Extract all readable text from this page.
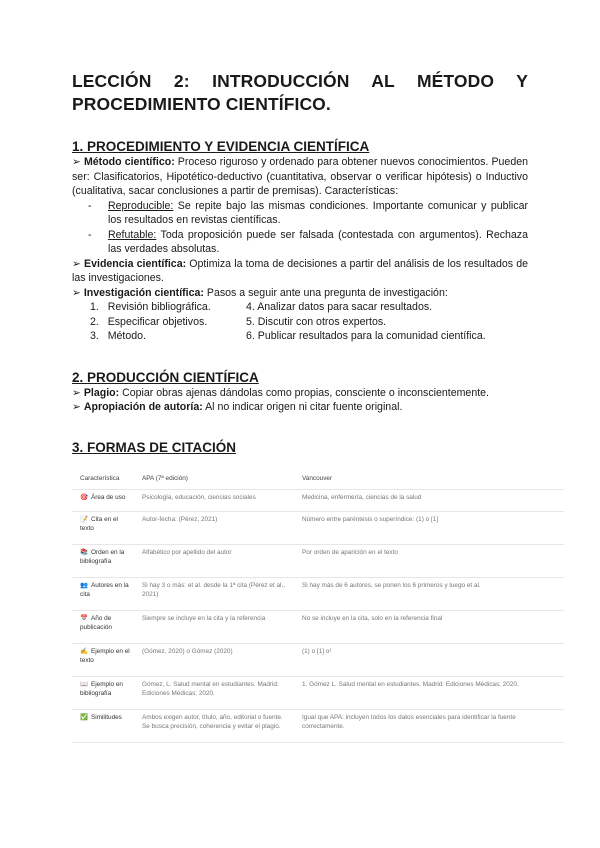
LECCIÓN 2: INTRODUCCIÓN AL MÉTODO Y
PROCEDIMIENTO CIENTÍFICO.
1. PROCEDIMIENTO Y EVIDENCIA CIENTÍFICA
➢ Método científico: Proceso riguroso y ordenado para obtener nuevos conocimientos. Pueden ser: Clasificatorios, Hipotético-deductivo (cuantitativa, observar o verificar hipótesis) o Inductivo (cualitativa, sacar conclusiones a partir de premisas). Características:
-	Reproducible: Se repite bajo las mismas condiciones. Importante comunicar y publicar los resultados en revistas científicas.
-	Refutable: Toda proposición puede ser falsada (contestada con argumentos). Rechaza las verdades absolutas.
➢ Evidencia científica: Optimiza la toma de decisiones a partir del análisis de los resultados de las investigaciones.
➢ Investigación científica: Pasos a seguir ante una pregunta de investigación:
1. Revisión bibliográfica.	4. Analizar datos para sacar resultados.
2. Especificar objetivos.	5. Discutir con otros expertos.
3. Método.	6. Publicar resultados para la comunidad científica.
2. PRODUCCIÓN CIENTÍFICA
➢ Plagio: Copiar obras ajenas dándolas como propias, consciente o inconscientemente.
➢ Apropiación de autoría: Al no indicar origen ni citar fuente original.
3. FORMAS DE CITACIÓN
Característica	APA (7ª edición)	Vancouver
🎯 Área de uso	Psicología, educación, ciencias sociales	Medicina, enfermería, ciencias de la salud
📝 Cita en el texto	Autor-fecha: (Pérez, 2021)	Número entre paréntesis o superíndice: (1) o [1]
📚 Orden en la bibliografía	Alfabético por apellido del autor	Por orden de aparición en el texto
👥 Autores en la cita	Si hay 3 o más: et al. desde la 1ª cita (Pérez et al., 2021)	Si hay más de 6 autores, se ponen los 6 primeros y luego et al.
📅 Año de publicación	Siempre se incluye en la cita y la referencia	No se incluye en la cita, solo en la referencia final
✍️ Ejemplo en el texto	(Gómez, 2020) o Gómez (2020)	(1) o [1] o¹
📖 Ejemplo en bibliografía	Gómez, L. Salud mental en estudiantes. Madrid: Ediciones Médicas; 2020.	1. Gómez L. Salud mental en estudiantes. Madrid: Ediciones Médicas; 2020.
✅ Similitudes	Ambos exigen autor, título, año, editorial o fuente. Se busca precisión, coherencia y evitar el plagio.	Igual que APA: incluyen todos los datos esenciales para identificar la fuente correctamente.
